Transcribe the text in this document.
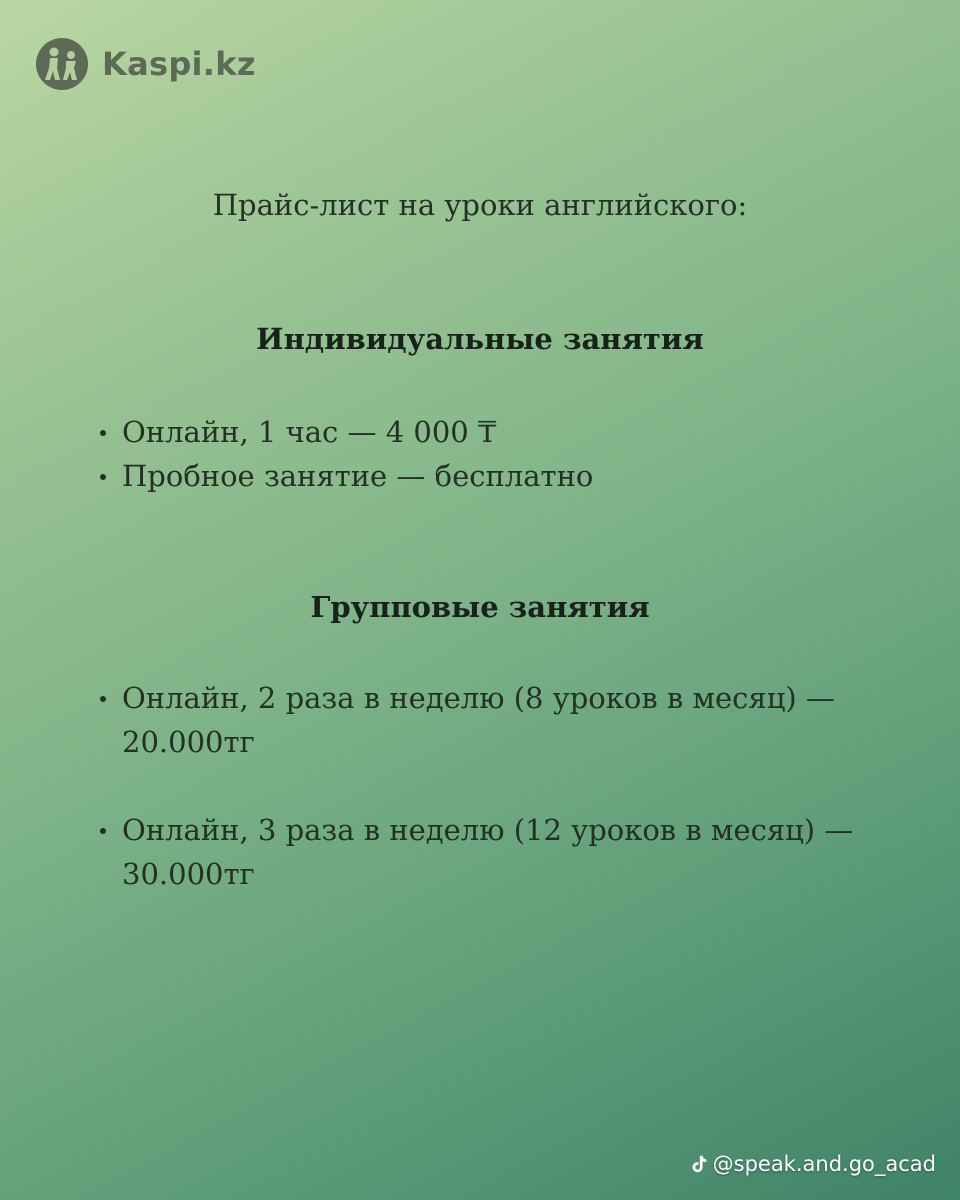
Kaspi.kz
Прайс-лист на уроки английского:
Индивидуальные занятия
Онлайн, 1 час — 4 000 ₸
Пробное занятие — бесплатно
Групповые занятия
Онлайн, 2 раза в неделю (8 уроков в месяц) — 20.000тг
Онлайн, 3 раза в неделю (12 уроков в месяц) — 30.000тг
@speak.and.go_acad
